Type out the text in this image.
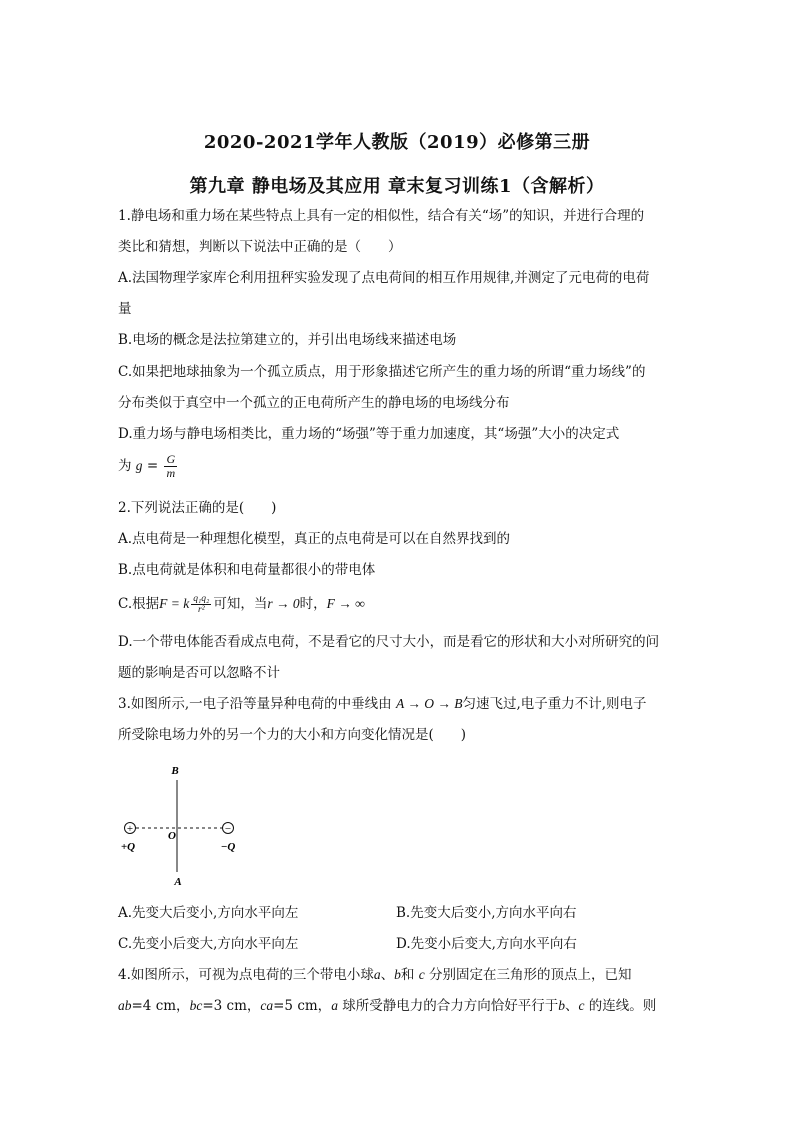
2020-2021学年人教版（2019）必修第三册
第九章 静电场及其应用 章末复习训练1（含解析）
1.静电场和重力场在某些特点上具有一定的相似性，结合有关“场”的知识，并进行合理的
类比和猜想，判断以下说法中正确的是（　　）
A.法国物理学家库仑利用扭秤实验发现了点电荷间的相互作用规律,并测定了元电荷的电荷
量
B.电场的概念是法拉第建立的，并引出电场线来描述电场
C.如果把地球抽象为一个孤立质点，用于形象描述它所产生的重力场的所谓“重力场线”的
分布类似于真空中一个孤立的正电荷所产生的静电场的电场线分布
D.重力场与静电场相类比，重力场的“场强”等于重力加速度，其“场强”大小的决定式
为 $g = \frac{G}{m}$
2.下列说法正确的是(　　)
A.点电荷是一种理想化模型，真正的点电荷是可以在自然界找到的
B.点电荷就是体积和电荷量都很小的带电体
C.根据F = k $\frac{\text{q₁q₂}}{\text{r²}}$ 可知，当r → 0时，F → ∞
D.一个带电体能否看成点电荷，不是看它的尺寸大小，而是看它的形状和大小对所研究的问
题的影响是否可以忽略不计
3.如图所示,一电子沿等量异种电荷的中垂线由 A → O → B匀速飞过,电子重力不计,则电子
所受除电场力外的另一个力的大小和方向变化情况是(　　)
+	−
B
O
A
+Q	−Q
A.先变大后变小,方向水平向左	B.先变大后变小,方向水平向右
C.先变小后变大,方向水平向左	D.先变小后变大,方向水平向右
4.如图所示，可视为点电荷的三个带电小球a、b和 c 分别固定在三角形的顶点上，已知
ab=4 cm，bc=3 cm，ca=5 cm，a 球所受静电力的合力方向恰好平行于b、c 的连线。则
